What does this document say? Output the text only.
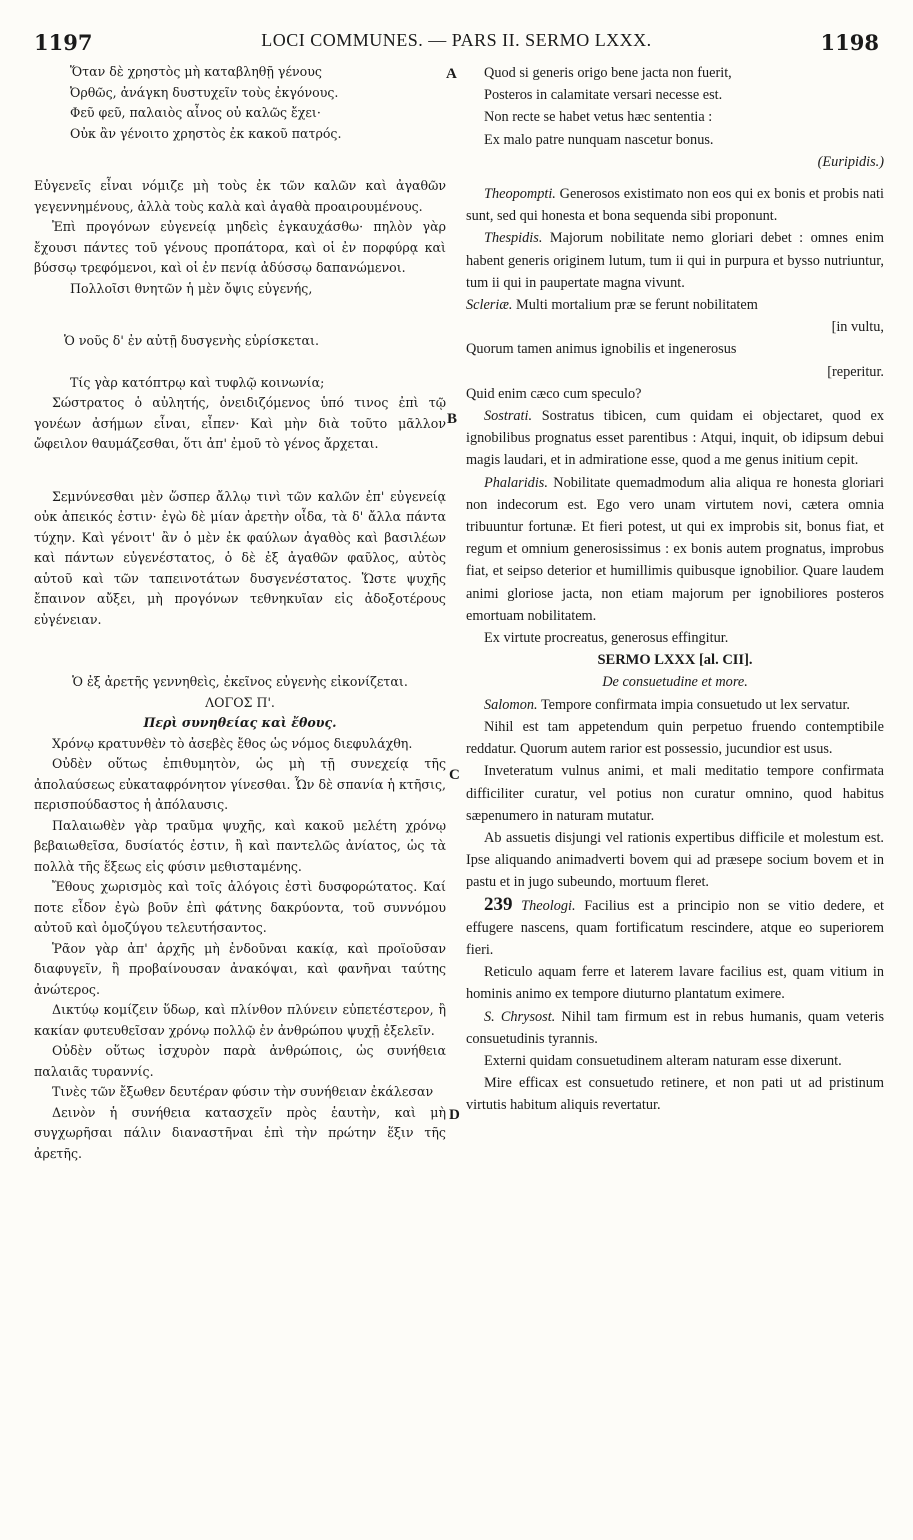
1197	LOCI COMMUNES. — PARS II. SERMO LXXX.	1198
A
B
C
D

Ὅταν δὲ χρηστὸς μὴ καταβληθῇ γένους

Ὀρθῶς, ἀνάγκη δυστυχεῖν τοὺς ἐκγόνους.

Φεῦ φεῦ, παλαιὸς αἶνος οὐ καλῶς ἔχει·

Οὐκ ἂν γένοιτο χρηστὸς ἐκ κακοῦ πατρός.

Εὐγενεῖς εἶναι νόμιζε μὴ τοὺς ἐκ τῶν καλῶν καὶ ἀγαθῶν γεγεννημένους, ἀλλὰ τοὺς καλὰ καὶ ἀγαθὰ προαιρουμένους.

Ἐπὶ προγόνων εὐγενείᾳ μηδεὶς ἐγκαυχάσθω· πηλὸν γὰρ ἔχουσι πάντες τοῦ γένους προπάτορα, καὶ οἱ ἐν πορφύρᾳ καὶ βύσσῳ τρεφόμενοι, καὶ οἱ ἐν πενίᾳ ἀδύσσῳ δαπανώμενοι.

Πολλοῖσι θνητῶν ἡ μὲν ὄψις εὐγενής,

Ὁ νοῦς δ' ἐν αὐτῇ δυσγενὴς εὑρίσκεται.

Τίς γὰρ κατόπτρῳ καὶ τυφλῷ κοινωνία;

Σώστρατος ὁ αὐλητής, ὀνειδιζόμενος ὑπό τινος ἐπὶ τῷ γονέων ἀσήμων εἶναι, εἶπεν· Καὶ μὴν διὰ τοῦτο μᾶλλον ὤφειλον θαυμάζεσθαι, ὅτι ἀπ' ἐμοῦ τὸ γένος ἄρχεται.

Σεμνύνεσθαι μὲν ὥσπερ ἄλλῳ τινὶ τῶν καλῶν ἐπ' εὐγενείᾳ οὐκ ἀπεικός ἐστιν· ἐγὼ δὲ μίαν ἀρετὴν οἶδα, τὰ δ' ἄλλα πάντα τύχην. Καὶ γένοιτ' ἂν ὁ μὲν ἐκ φαύλων ἀγαθὸς καὶ βασιλέων καὶ πάντων εὐγενέστατος, ὁ δὲ ἐξ ἀγαθῶν φαῦλος, αὐτὸς αὑτοῦ καὶ τῶν ταπεινοτάτων δυσγενέστατος. Ὥστε ψυχῆς ἔπαινον αὔξει, μὴ προγόνων τεθνηκυῖαν εἰς ἀδοξοτέρους εὐγένειαν.

Ὁ ἐξ ἀρετῆς γεννηθεὶς, ἐκεῖνος εὐγενὴς εἰκονίζεται.

ΛΟΓΟΣ Π'.

Περὶ συνηθείας καὶ ἔθους.

Χρόνῳ κρατυνθὲν τὸ ἀσεβὲς ἔθος ὡς νόμος διεφυλάχθη.

Οὐδὲν οὕτως ἐπιθυμητὸν, ὡς μὴ τῇ συνεχείᾳ τῆς ἀπολαύσεως εὐκαταφρόνητον γίνεσθαι. Ὧν δὲ σπανία ἡ κτῆσις, περισπούδαστος ἡ ἀπόλαυσις.

Παλαιωθὲν γὰρ τραῦμα ψυχῆς, καὶ κακοῦ μελέτη χρόνῳ βεβαιωθεῖσα, δυσίατός ἐστιν, ἢ καὶ παντελῶς ἀνίατος, ὡς τὰ πολλὰ τῆς ἕξεως εἰς φύσιν μεθισταμένης.

Ἔθους χωρισμὸς καὶ τοῖς ἀλόγοις ἐστὶ δυσφορώτατος. Καί ποτε εἶδον ἐγὼ βοῦν ἐπὶ φάτνης δακρύοντα, τοῦ συννόμου αὐτοῦ καὶ ὁμοζύγου τελευτήσαντος.

Ῥᾶον γὰρ ἀπ' ἀρχῆς μὴ ἐνδοῦναι κακίᾳ, καὶ προϊοῦσαν διαφυγεῖν, ἢ προβαίνουσαν ἀνακόψαι, καὶ φανῆναι ταύτης ἀνώτερος.

Δικτύῳ κομίζειν ὕδωρ, καὶ πλίνθον πλύνειν εὐπετέστερον, ἢ κακίαν φυτευθεῖσαν χρόνῳ πολλῷ ἐν ἀνθρώπου ψυχῇ ἐξελεῖν.

Οὐδὲν οὕτως ἰσχυρὸν παρὰ ἀνθρώποις, ὡς συνήθεια παλαιᾶς τυραννίς.

Τινὲς τῶν ἔξωθεν δευτέραν φύσιν τὴν συνήθειαν ἐκάλεσαν

Δεινὸν ἡ συνήθεια κατασχεῖν πρὸς ἑαυτὴν, καὶ μὴ συγχωρῆσαι πάλιν διαναστῆναι ἐπὶ τὴν πρώτην ἕξιν τῆς ἀρετῆς.

Quod si generis origo bene jacta non fuerit,

Posteros in calamitate versari necesse est.

Non recte se habet vetus hæc sententia :

Ex malo patre nunquam nascetur bonus.

(Euripidis.)

Theopompti. Generosos existimato non eos qui ex bonis et probis nati sunt, sed qui honesta et bona sequenda sibi proponunt.

Thespidis. Majorum nobilitate nemo gloriari debet : omnes enim habent generis originem lutum, tum ii qui in purpura et bysso nutriuntur, tum ii qui in paupertate magna vivunt.

Scleriæ. Multi mortalium præ se ferunt nobilitatem

[in vultu,

Quorum tamen animus ignobilis et ingenerosus

[reperitur.

Quid enim cæco cum speculo?

Sostrati. Sostratus tibicen, cum quidam ei objectaret, quod ex ignobilibus prognatus esset parentibus : Atqui, inquit, ob idipsum debui magis laudari, et in admiratione esse, quod a me genus initium cepit.

Phalaridis. Nobilitate quemadmodum alia aliqua re honesta gloriari non indecorum est. Ego vero unam virtutem novi, cætera omnia tribuuntur fortunæ. Et fieri potest, ut qui ex improbis sit, bonus fiat, et regum et omnium generosissimus : ex bonis autem prognatus, improbus fiat, et seipso deterior et humillimis quibusque ignobilior. Quare laudem animi gloriose jacta, non etiam majorum per ignobiliores posteros emortuam nobilitatem.

Ex virtute procreatus, generosus effingitur.

SERMO LXXX [al. CII].

De consuetudine et more.

Salomon. Tempore confirmata impia consuetudo ut lex servatur.

Nihil est tam appetendum quin perpetuo fruendo contemptibile reddatur. Quorum autem rarior est possessio, jucundior est usus.

Inveteratum vulnus animi, et mali meditatio tempore confirmata difficiliter curatur, vel potius non curatur omnino, quod habitus sæpenumero in naturam mutatur.

Ab assuetis disjungi vel rationis expertibus difficile et molestum est. Ipse aliquando animadverti bovem qui ad præsepe socium bovem et in pastu et in jugo subeundo, mortuum fleret.

239 Theologi. Facilius est a principio non se vitio dedere, et effugere nascens, quam fortificatum rescindere, atque eo superiorem fieri.

Reticulo aquam ferre et laterem lavare facilius est, quam vitium in hominis animo ex tempore diuturno plantatum eximere.

S. Chrysost. Nihil tam firmum est in rebus humanis, quam veteris consuetudinis tyrannis.

Externi quidam consuetudinem alteram naturam esse dixerunt.

Mire efficax est consuetudo retinere, et non pati ut ad pristinum virtutis habitum aliquis revertatur.
